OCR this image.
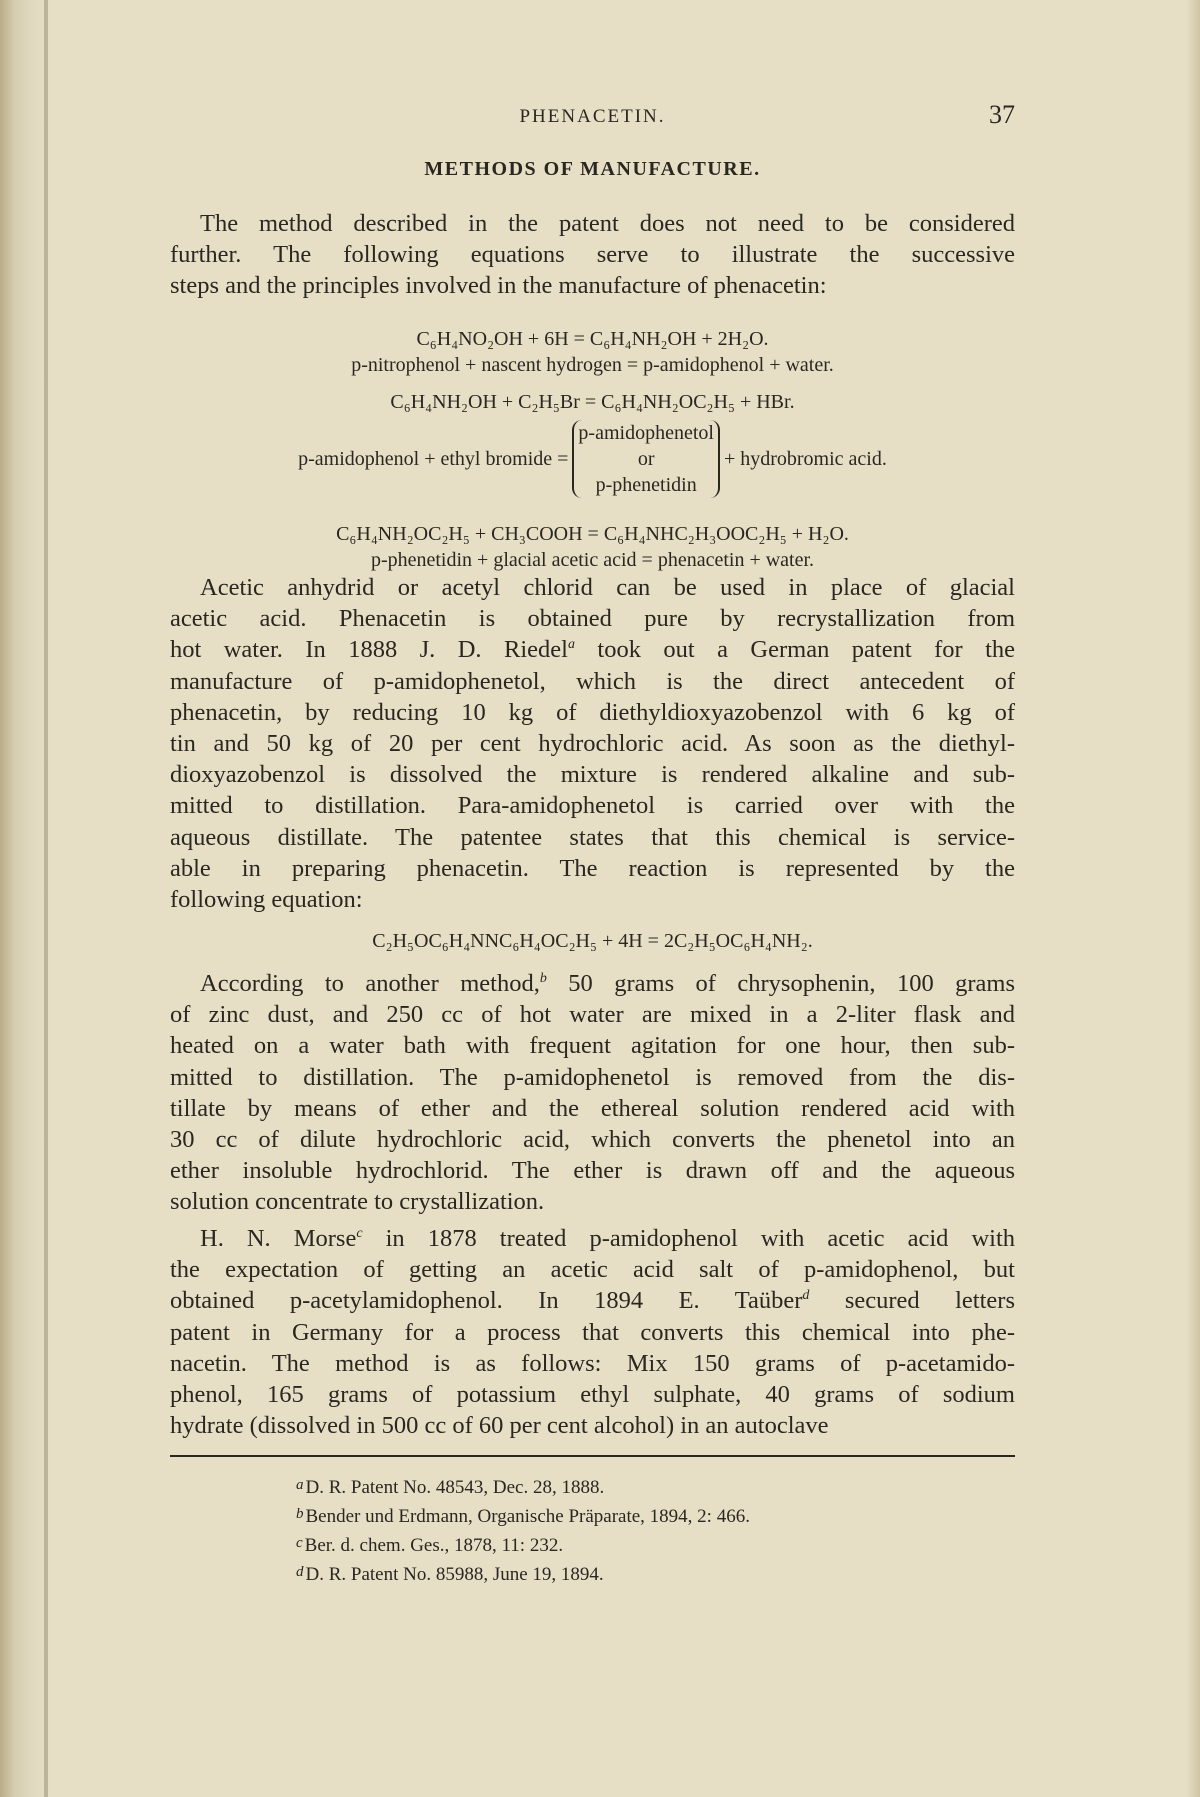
PHENACETIN.	37
METHODS OF MANUFACTURE.
The method described in the patent does not need to be considered
further. The following equations serve to illustrate the successive
steps and the principles involved in the manufacture of phenacetin:
C₆H₄NO₂OH + 6H = C₆H₄NH₂OH + 2H₂O.
p-nitrophenol + nascent hydrogen = p-amidophenol + water.
C₆H₄NH₂OH + C₂H₅Br = C₆H₄NH₂OC₂H₅ + HBr.
p-amidophenol + ethyl bromide =
p-amidophenetol
or
p-phenetidin
+ hydrobromic acid.
C₆H₄NH₂OC₂H₅ + CH₃COOH = C₆H₄NHC₂H₃OOC₂H₅ + H₂O.
p-phenetidin + glacial acetic acid = phenacetin + water.
Acetic anhydrid or acetyl chlorid can be used in place of glacial
acetic acid. Phenacetin is obtained pure by recrystallization from
hot water. In 1888 J. D. Riedel$^a$ took out a German patent for the
manufacture of p-amidophenetol, which is the direct antecedent of
phenacetin, by reducing 10 kg of diethyldioxyazobenzol with 6 kg of
tin and 50 kg of 20 per cent hydrochloric acid. As soon as the diethyl-
dioxyazobenzol is dissolved the mixture is rendered alkaline and sub-
mitted to distillation. Para-amidophenetol is carried over with the
aqueous distillate. The patentee states that this chemical is service-
able in preparing phenacetin. The reaction is represented by the
following equation:
C₂H₅OC₆H₄NNC₆H₄OC₂H₅ + 4H = 2C₂H₅OC₆H₄NH₂.
According to another method,$^b$ 50 grams of chrysophenin, 100 grams
of zinc dust, and 250 cc of hot water are mixed in a 2-liter flask and
heated on a water bath with frequent agitation for one hour, then sub-
mitted to distillation. The p-amidophenetol is removed from the dis-
tillate by means of ether and the ethereal solution rendered acid with
30 cc of dilute hydrochloric acid, which converts the phenetol into an
ether insoluble hydrochlorid. The ether is drawn off and the aqueous
solution concentrate to crystallization.
H. N. Morse$^c$ in 1878 treated p-amidophenol with acetic acid with
the expectation of getting an acetic acid salt of p-amidophenol, but
obtained p-acetylamidophenol. In 1894 E. Taüber$^d$ secured letters
patent in Germany for a process that converts this chemical into phe-
nacetin. The method is as follows: Mix 150 grams of p-acetamido-
phenol, 165 grams of potassium ethyl sulphate, 40 grams of sodium
hydrate (dissolved in 500 cc of 60 per cent alcohol) in an autoclave
$^a$ D. R. Patent No. 48543, Dec. 28, 1888.
$^b$ Bender und Erdmann, Organische Präparate, 1894, 2: 466.
$^c$ Ber. d. chem. Ges., 1878, 11: 232.
$^d$ D. R. Patent No. 85988, June 19, 1894.
